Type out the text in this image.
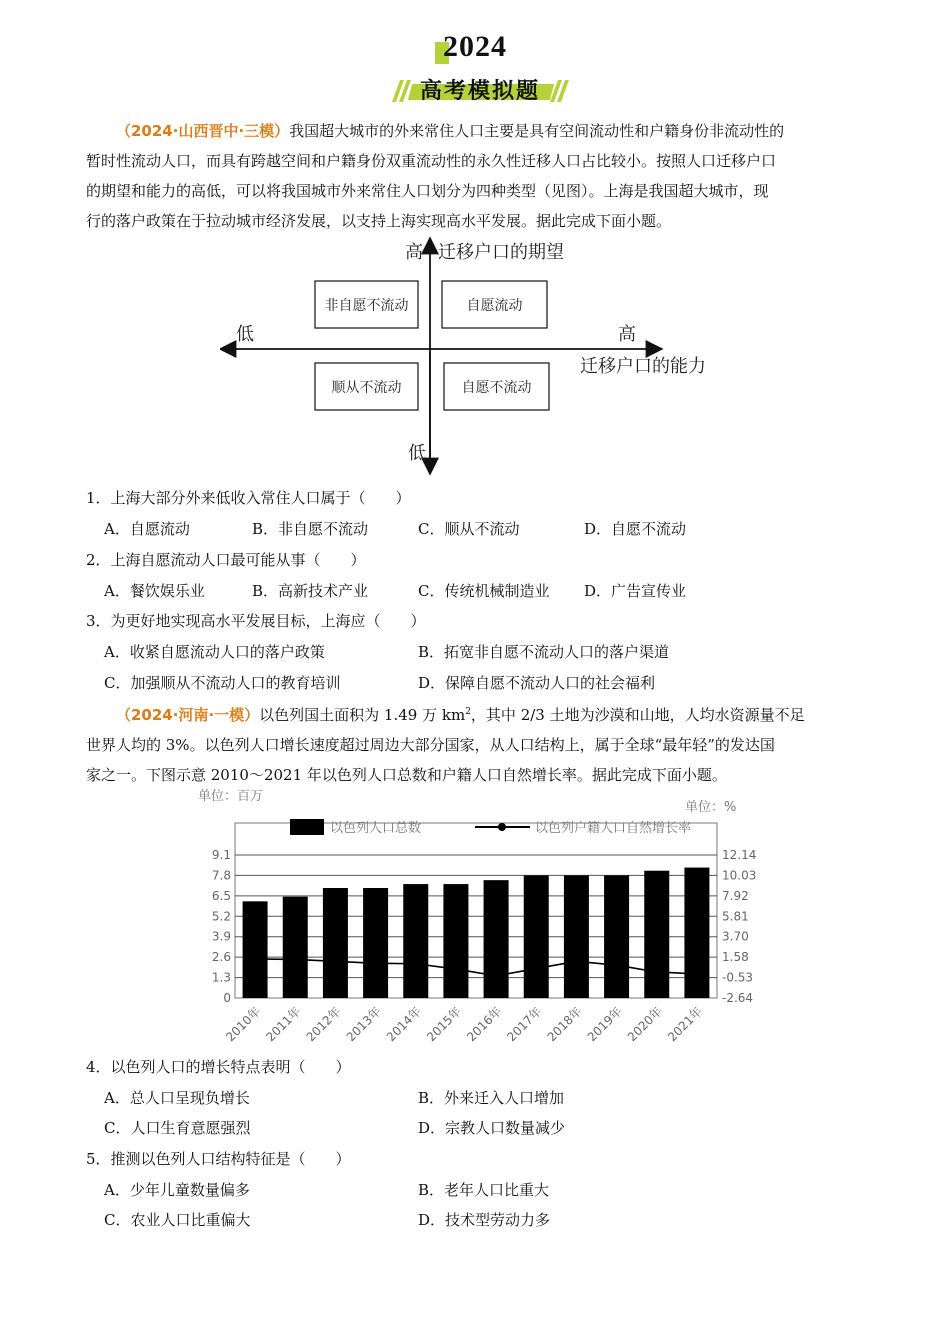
2024
高考模拟题
（2024·山西晋中·三模）我国超大城市的外来常住人口主要是具有空间流动性和户籍身份非流动性的
暂时性流动人口，而具有跨越空间和户籍身份双重流动性的永久性迁移人口占比较小。按照人口迁移户口
的期望和能力的高低，可以将我国城市外来常住人口划分为四种类型（见图）。上海是我国超大城市，现
行的落户政策在于拉动城市经济发展，以支持上海实现高水平发展。据此完成下面小题。
高 迁移户口的期望
低
低	高
迁移户口的能力
非自愿不流动	自愿流动
顺从不流动	自愿不流动
1．上海大部分外来低收入常住人口属于（　　）
A．自愿流动	B．非自愿不流动	C．顺从不流动	D．自愿不流动
2．上海自愿流动人口最可能从事（　　）
A．餐饮娱乐业	B．高新技术产业	C．传统机械制造业 D．广告宣传业
3．为更好地实现高水平发展目标，上海应（　　）
A．收紧自愿流动人口的落户政策	B．拓宽非自愿不流动人口的落户渠道
C．加强顺从不流动人口的教育培训	D．保障自愿不流动人口的社会福利
（2024·河南·一模）以色列国土面积为 1.49 万 $km^2$，其中 2/3 土地为沙漠和山地，人均水资源量不足
世界人均的 3%。以色列人口增长速度超过周边大部分国家，从人口结构上，属于全球“最年轻”的发达国
家之一。下图示意 2010～2021 年以色列人口总数和户籍人口自然增长率。据此完成下面小题。
单位：百万
单位：%
以色列人口总数	以色列户籍人口自然增长率
0
1.3
2.6
3.9
5.2
6.5
7.8
9.1
-2.64
-0.53
1.58
3.70
5.81
7.92
10.03
12.14
2010年 2011年 2012年 2013年 2014年 2015年 2016年 2017年 2018年 2019年 2020年 2021年
4．以色列人口的增长特点表明（　　）
A．总人口呈现负增长	B．外来迁入人口增加
C．人口生育意愿强烈	D．宗教人口数量减少
5．推测以色列人口结构特征是（　　）
A．少年儿童数量偏多	B．老年人口比重大
C．农业人口比重偏大	D．技术型劳动力多
